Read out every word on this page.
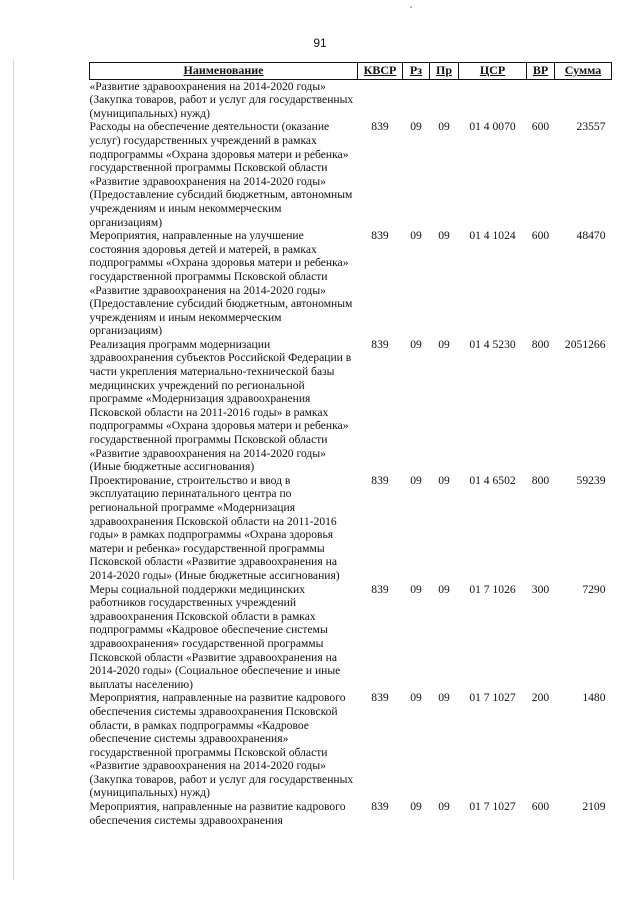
91
Наименование	КВСР	Рз	Пр	ЦСР	ВР	Сумма
«Развитие здравоохранения на 2014-2020 годы» (Закупка товаров, работ и услуг для государственных (муниципальных) нужд)						
Расходы на обеспечение деятельности (оказание услуг) государственных учреждений в рамках подпрограммы «Охрана здоровья матери и ребенка» государственной программы Псковской области «Развитие здравоохранения на 2014-2020 годы» (Предоставление субсидий бюджетным, автономным учреждениям и иным некоммерческим организациям)	839	09	09	01 4 0070	600	23557
Мероприятия, направленные на улучшение состояния здоровья детей и матерей, в рамках подпрограммы «Охрана здоровья матери и ребенка» государственной программы Псковской области «Развитие здравоохранения на 2014-2020 годы» (Предоставление субсидий бюджетным, автономным учреждениям и иным некоммерческим организациям)	839	09	09	01 4 1024	600	48470
Реализация программ модернизации здравоохранения субъектов Российской Федерации в части укрепления материально-технической базы медицинских учреждений по региональной программе «Модернизация здравоохранения Псковской области на 2011-2016 годы» в рамках подпрограммы «Охрана здоровья матери и ребенка» государственной программы Псковской области «Развитие здравоохранения на 2014-2020 годы» (Иные бюджетные ассигнования)	839	09	09	01 4 5230	800	2051266
Проектирование, строительство и ввод в эксплуатацию перинатального центра по региональной программе «Модернизация здравоохранения Псковской области на 2011-2016 годы» в рамках подпрограммы «Охрана здоровья матери и ребенка» государственной программы Псковской области «Развитие здравоохранения на 2014-2020 годы» (Иные бюджетные ассигнования)	839	09	09	01 4 6502	800	59239
Меры социальной поддержки медицинских работников государственных учреждений здравоохранения Псковской области в рамках подпрограммы «Кадровое обеспечение системы здравоохранения» государственной программы Псковской области «Развитие здравоохранения на 2014-2020 годы» (Социальное обеспечение и иные выплаты населению)	839	09	09	01 7 1026	300	7290
Мероприятия, направленные на развитие кадрового обеспечения системы здравоохранения Псковской области, в рамках подпрограммы «Кадровое обеспечение системы здравоохранения» государственной программы Псковской области «Развитие здравоохранения на 2014-2020 годы» (Закупка товаров, работ и услуг для государственных (муниципальных) нужд)	839	09	09	01 7 1027	200	1480
Мероприятия, направленные на развитие кадрового обеспечения системы здравоохранения	839	09	09	01 7 1027	600	2109
